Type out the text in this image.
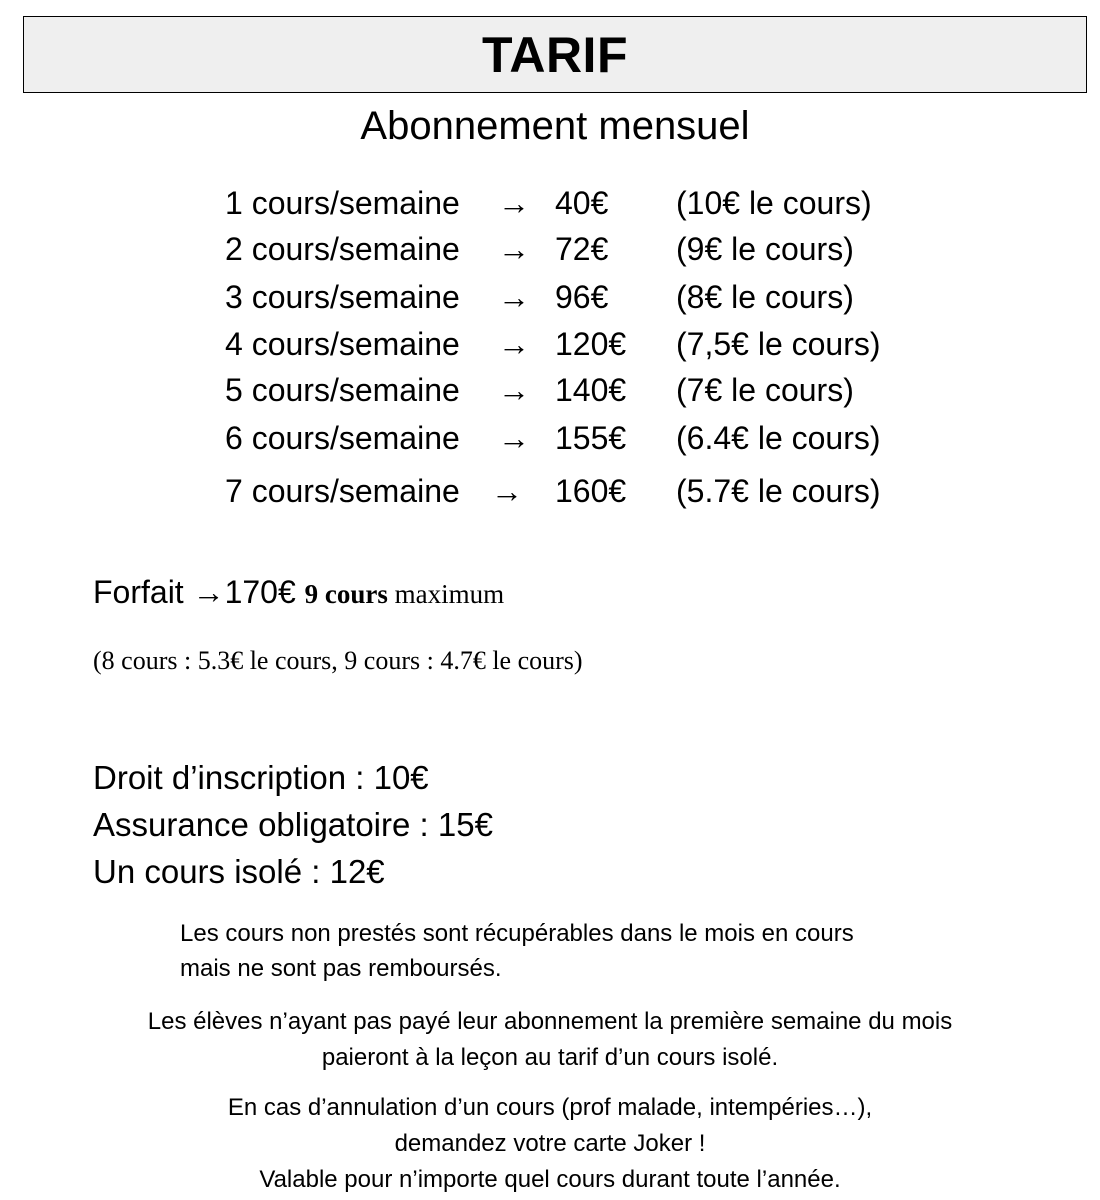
TARIF
Abonnement mensuel
1 cours/semaine → 40€ (10€ le cours)
2 cours/semaine → 72€ (9€ le cours)
3 cours/semaine → 96€ (8€ le cours)
4 cours/semaine → 120€ (7,5€ le cours)
5 cours/semaine → 140€ (7€ le cours)
6 cours/semaine → 155€ (6.4€ le cours)
7 cours/semaine → 160€ (5.7€ le cours)
Forfait →170€ 9 cours maximum
(8 cours : 5.3€ le cours, 9 cours : 4.7€ le cours)
Droit d’inscription : 10€
Assurance obligatoire : 15€
Un cours isolé : 12€
Les cours non prestés sont récupérables dans le mois en cours
mais ne sont pas remboursés.
Les élèves n’ayant pas payé leur abonnement la première semaine du mois
paieront à la leçon au tarif d’un cours isolé.
En cas d’annulation d’un cours (prof malade, intempéries…),
demandez votre carte Joker !
Valable pour n’importe quel cours durant toute l’année.
